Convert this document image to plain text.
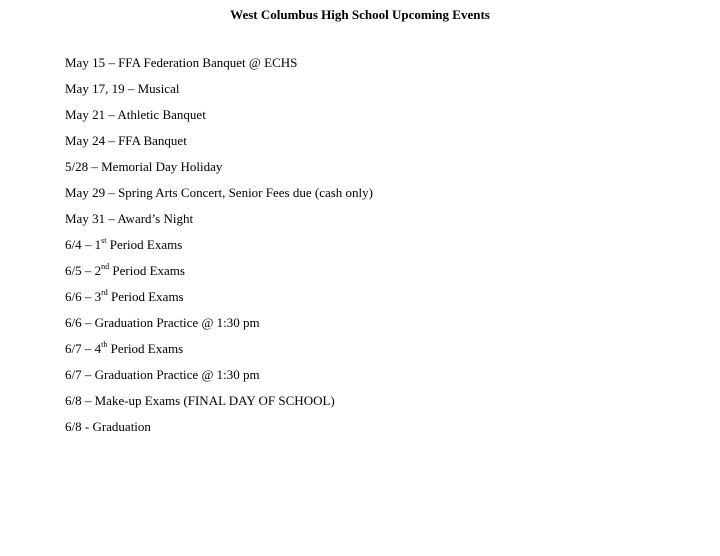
West Columbus High School Upcoming Events
May 15 – FFA Federation Banquet @ ECHS
May 17, 19 – Musical
May 21 – Athletic Banquet
May 24 – FFA Banquet
5/28 – Memorial Day Holiday
May 29 – Spring Arts Concert, Senior Fees due (cash only)
May 31 – Award’s Night
6/4 – 1st Period Exams
6/5 – 2nd Period Exams
6/6 – 3rd Period Exams
6/6 – Graduation Practice @ 1:30 pm
6/7 – 4th Period Exams
6/7 – Graduation Practice @ 1:30 pm
6/8 – Make-up Exams (FINAL DAY OF SCHOOL)
6/8 - Graduation
